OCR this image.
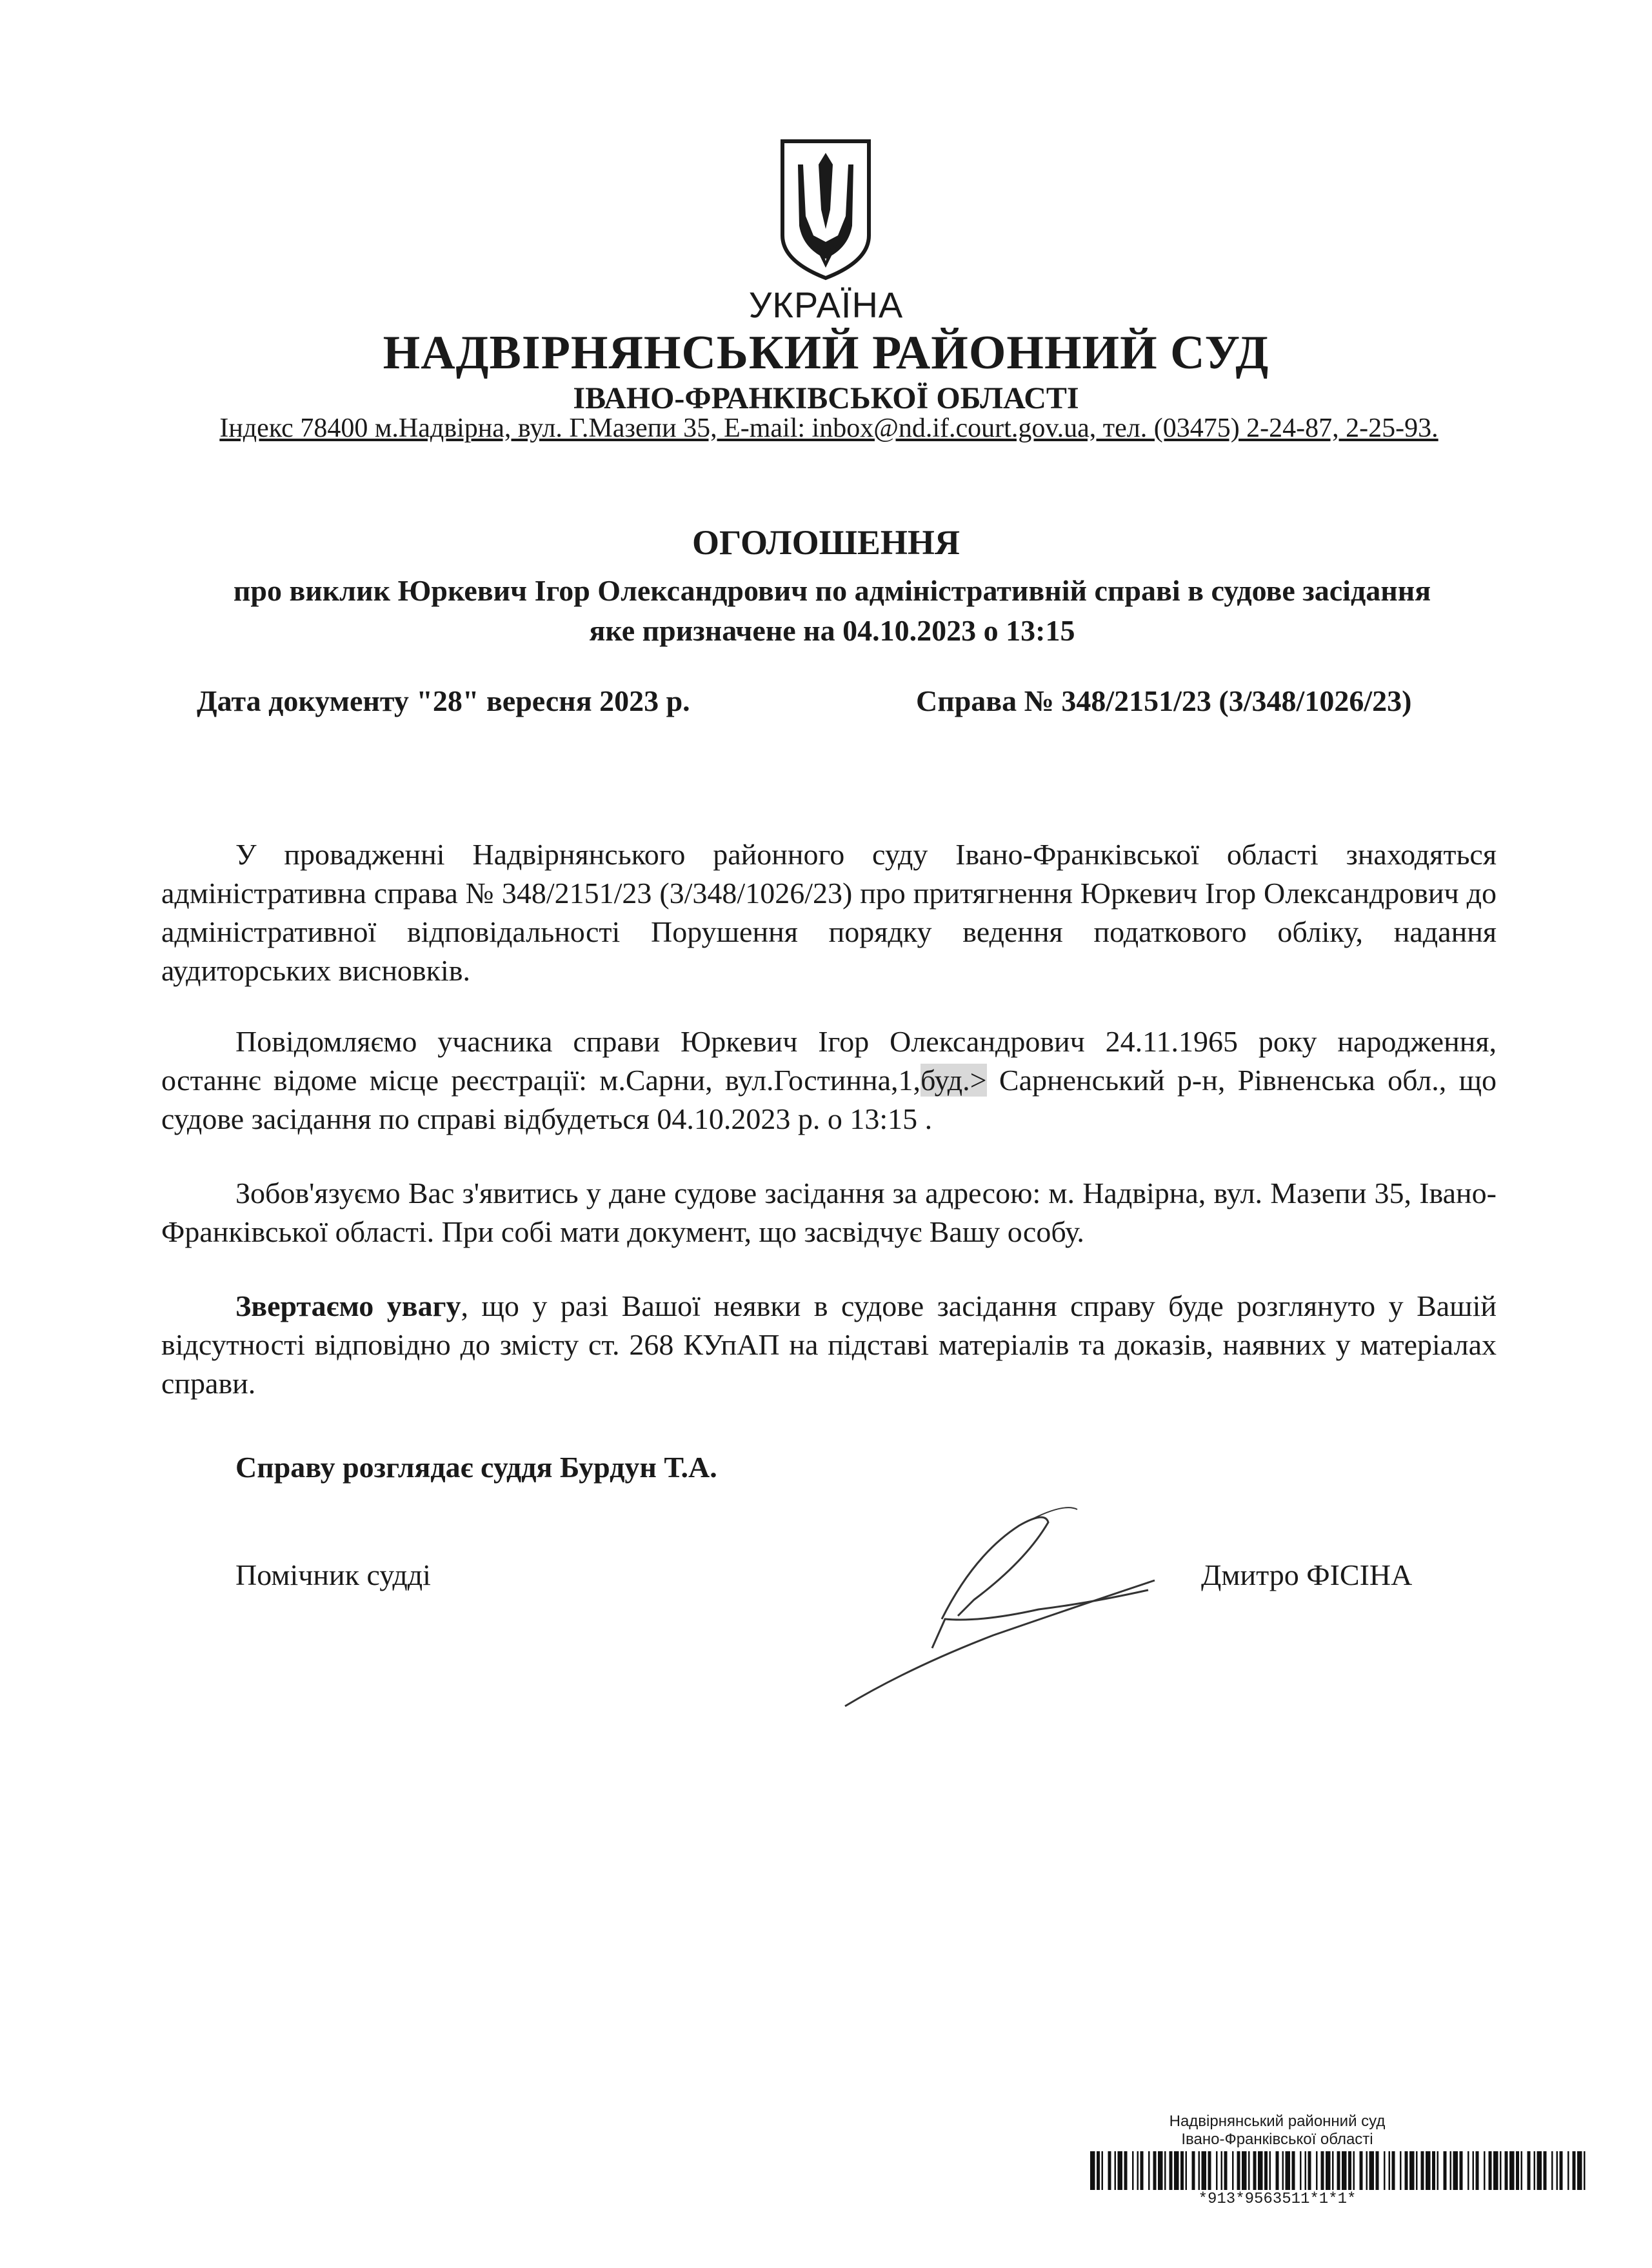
УКРАЇНА
НАДВІРНЯНСЬКИЙ РАЙОННИЙ СУД
ІВАНО-ФРАНКІВСЬКОЇ ОБЛАСТІ
Індекс 78400 м.Надвірна, вул. Г.Мазепи 35, E-mail: inbox@nd.if.court.gov.ua, тел. (03475) 2-24-87, 2-25-93.
ОГОЛОШЕННЯ
про виклик Юркевич Ігор Олександрович по адміністративній справі в судове засідання
яке призначене на 04.10.2023 о 13:15
Дата документу "28" вересня 2023 р.	Справа № 348/2151/23 (3/348/1026/23)
У провадженні Надвірнянського районного суду Івано-Франківської області знаходяться адміністративна справа № 348/2151/23 (3/348/1026/23) про притягнення Юркевич Ігор Олександрович до адміністративної відповідальності Порушення порядку ведення податкового обліку, надання аудиторських висновків.
Повідомляємо учасника справи Юркевич Ігор Олександрович 24.11.1965 року народження, останнє відоме місце реєстрації: м.Сарни, вул.Гостинна,1,буд.> Сарненський р-н, Рівненська обл., що судове засідання по справі відбудеться 04.10.2023 р. о 13:15 .
Зобов'язуємо Вас з'явитись у дане судове засідання за адресою: м. Надвірна, вул. Мазепи 35, Івано-Франківської області. При собі мати документ, що засвідчує Вашу особу.
Звертаємо увагу, що у разі Вашої неявки в судове засідання справу буде розглянуто у Вашій відсутності відповідно до змісту ст. 268 КУпАП на підставі матеріалів та доказів, наявних у матеріалах справи.
Справу розглядає суддя Бурдун Т.А.
Помічник судді	Дмитро ФІСІНА
Надвірнянський районний суд
Івано-Франківської області
*913*9563511*1*1*
